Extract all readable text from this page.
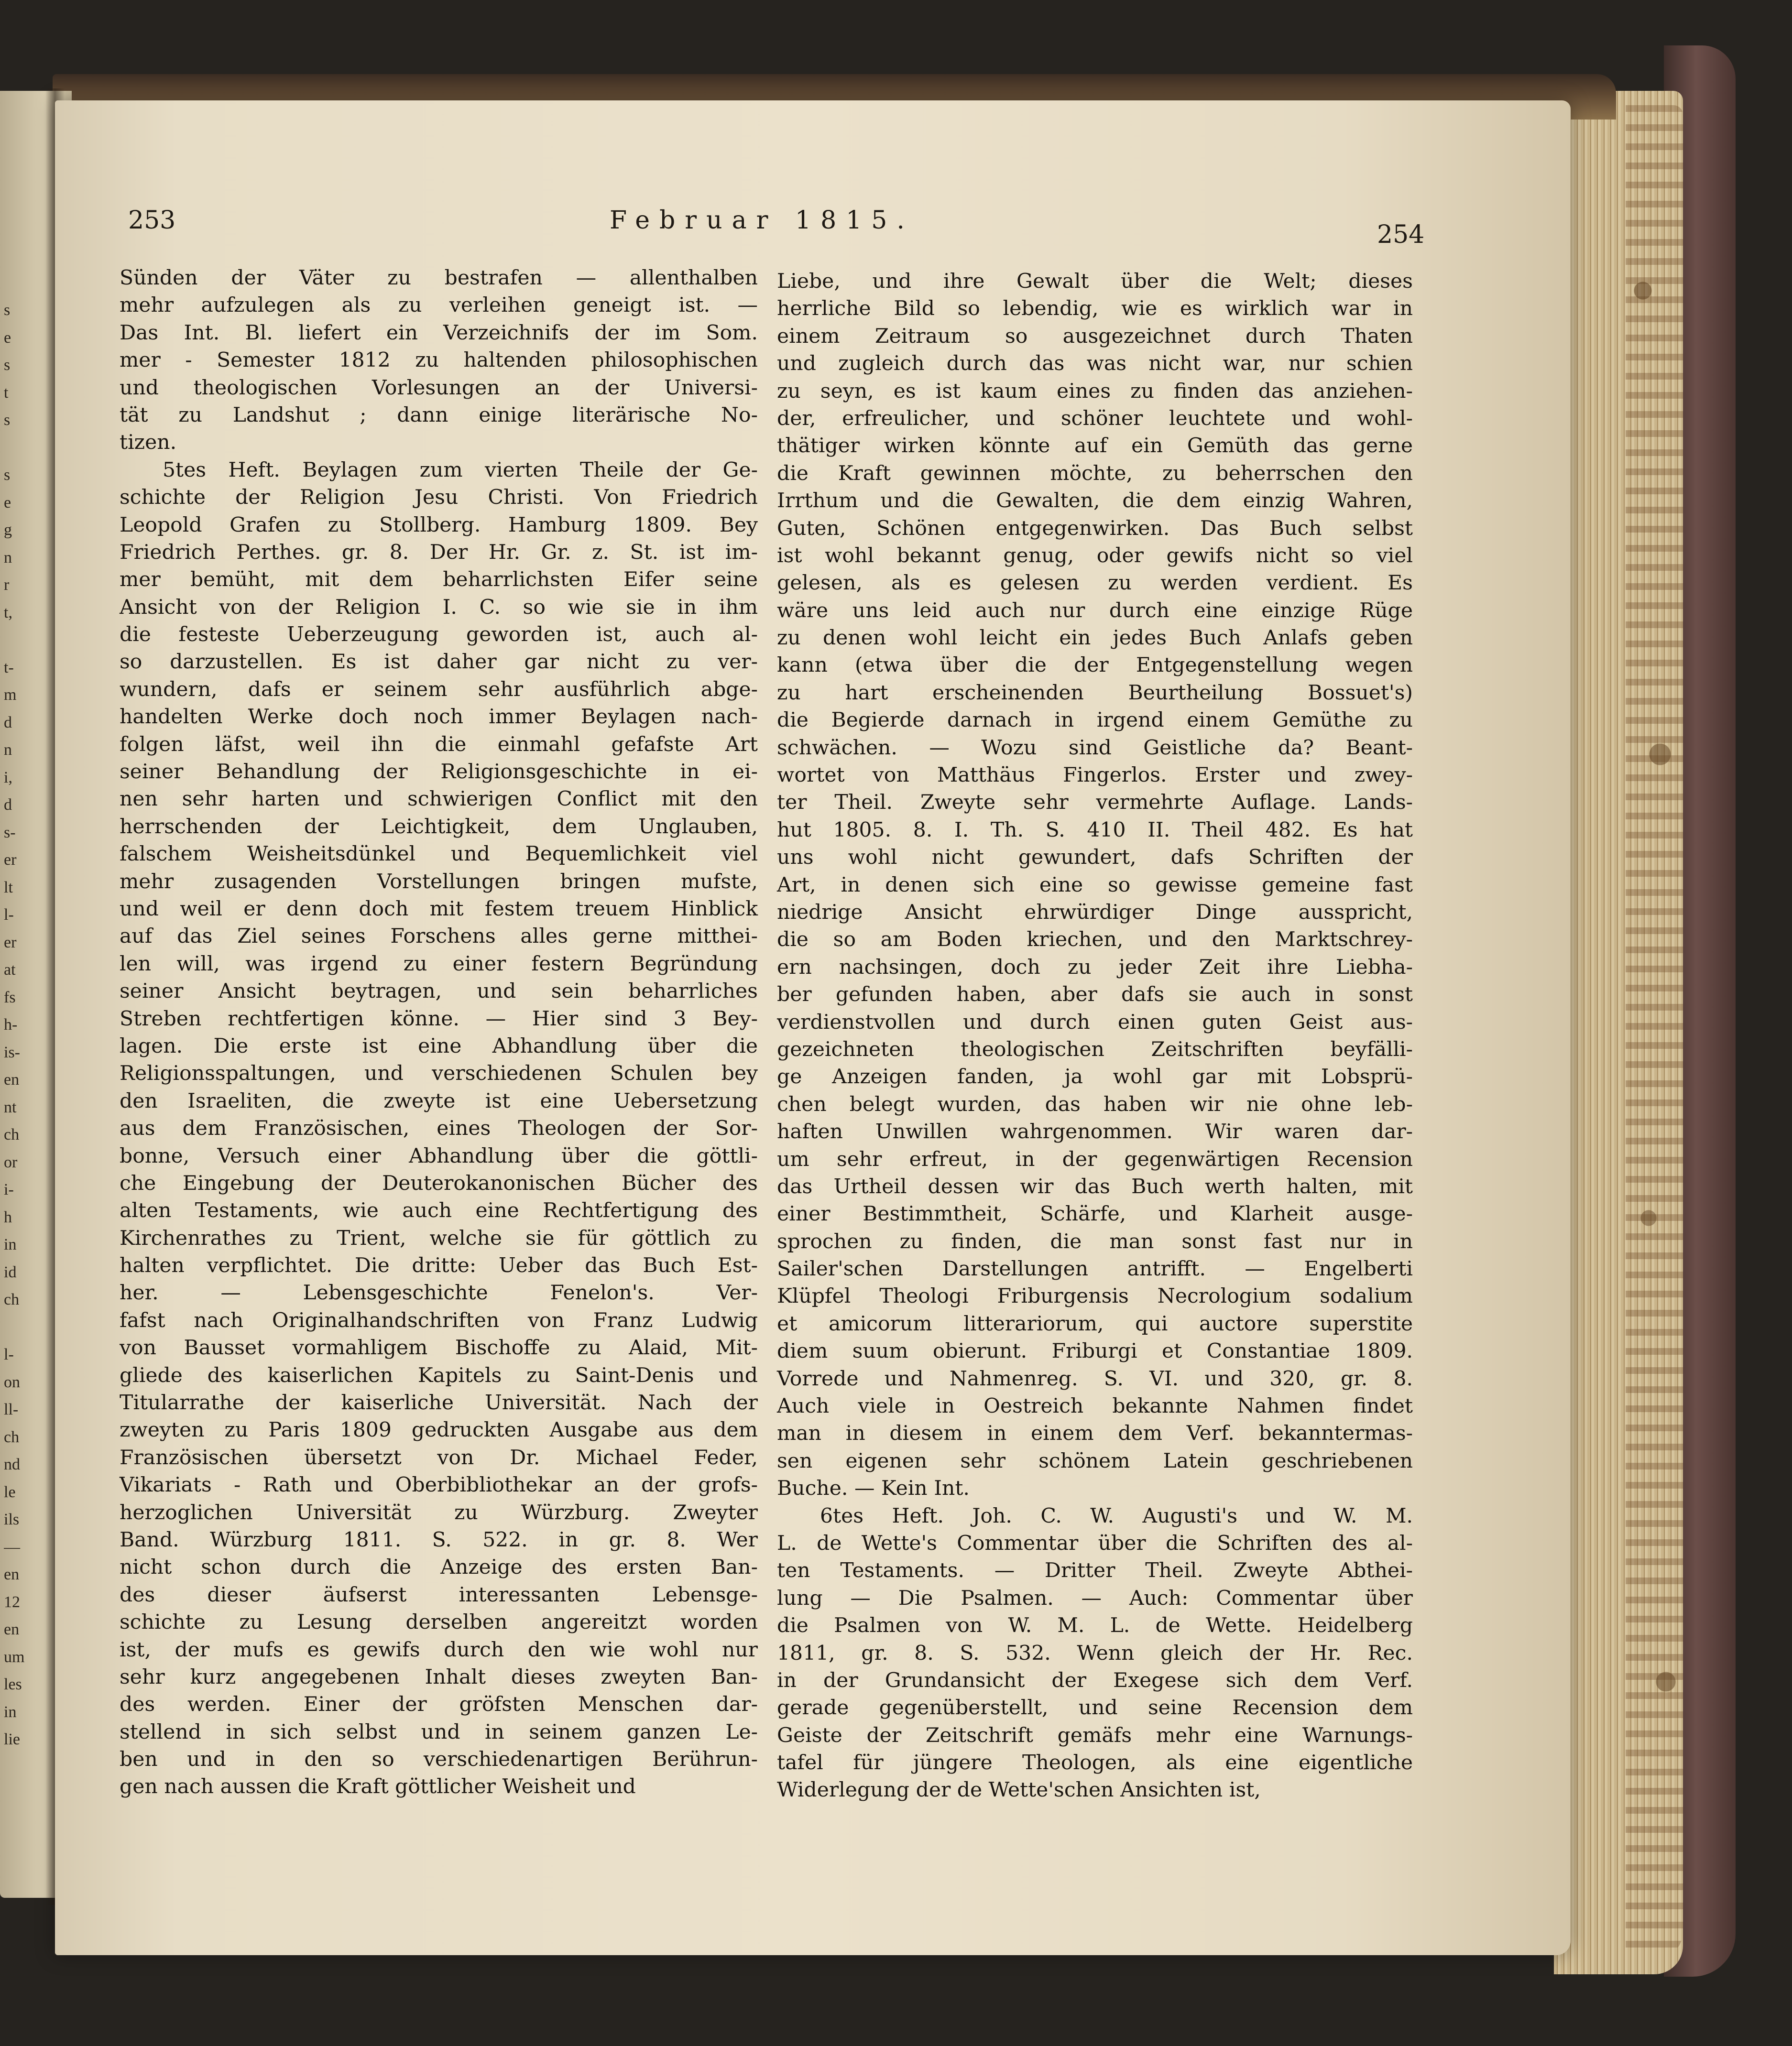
s
e
s
t
s
s
e
g
n
r
t,
t-
m
d
n
i,
d
s-
er
lt
l-
er
at
fs
h-
is-
en
nt
ch
or
i-
h
in
id
ch
l-
on
ll-
ch
nd
le
ils
—
en
12
en
um
les
in
lie
253	Februar 1815.	254
Sünden der Väter zu bestrafen — allenthalben
mehr aufzulegen als zu verleihen geneigt ist. —
Das Int. Bl. liefert ein Verzeichnifs der im Som.
mer - Semester 1812 zu haltenden philosophischen
und theologischen Vorlesungen an der Universi-
tät zu Landshut ; dann einige literärische No-
tizen.
5tes Heft. Beylagen zum vierten Theile der Ge-
schichte der Religion Jesu Christi. Von Friedrich
Leopold Grafen zu Stollberg. Hamburg 1809. Bey
Friedrich Perthes. gr. 8. Der Hr. Gr. z. St. ist im-
mer bemüht, mit dem beharrlichsten Eifer seine
Ansicht von der Religion I. C. so wie sie in ihm
die festeste Ueberzeugung geworden ist, auch al-
so darzustellen. Es ist daher gar nicht zu ver-
wundern, dafs er seinem sehr ausführlich abge-
handelten Werke doch noch immer Beylagen nach-
folgen läfst, weil ihn die einmahl gefafste Art
seiner Behandlung der Religionsgeschichte in ei-
nen sehr harten und schwierigen Conflict mit den
herrschenden der Leichtigkeit, dem Unglauben,
falschem Weisheitsdünkel und Bequemlichkeit viel
mehr zusagenden Vorstellungen bringen mufste,
und weil er denn doch mit festem treuem Hinblick
auf das Ziel seines Forschens alles gerne mitthei-
len will, was irgend zu einer festern Begründung
seiner Ansicht beytragen, und sein beharrliches
Streben rechtfertigen könne. — Hier sind 3 Bey-
lagen. Die erste ist eine Abhandlung über die
Religionsspaltungen, und verschiedenen Schulen bey
den Israeliten, die zweyte ist eine Uebersetzung
aus dem Französischen, eines Theologen der Sor-
bonne, Versuch einer Abhandlung über die göttli-
che Eingebung der Deuterokanonischen Bücher des
alten Testaments, wie auch eine Rechtfertigung des
Kirchenrathes zu Trient, welche sie für göttlich zu
halten verpflichtet. Die dritte: Ueber das Buch Est-
her. — Lebensgeschichte Fenelon's. Ver-
fafst nach Originalhandschriften von Franz Ludwig
von Bausset vormahligem Bischoffe zu Alaid, Mit-
gliede des kaiserlichen Kapitels zu Saint-Denis und
Titularrathe der kaiserliche Universität. Nach der
zweyten zu Paris 1809 gedruckten Ausgabe aus dem
Französischen übersetzt von Dr. Michael Feder,
Vikariats - Rath und Oberbibliothekar an der grofs-
herzoglichen Universität zu Würzburg. Zweyter
Band. Würzburg 1811. S. 522. in gr. 8. Wer
nicht schon durch die Anzeige des ersten Ban-
des dieser äufserst interessanten Lebensge-
schichte zu Lesung derselben angereitzt worden
ist, der mufs es gewifs durch den wie wohl nur
sehr kurz angegebenen Inhalt dieses zweyten Ban-
des werden. Einer der gröfsten Menschen dar-
stellend in sich selbst und in seinem ganzen Le-
ben und in den so verschiedenartigen Berührun-
gen nach aussen die Kraft göttlicher Weisheit und
Liebe, und ihre Gewalt über die Welt; dieses
herrliche Bild so lebendig, wie es wirklich war in
einem Zeitraum so ausgezeichnet durch Thaten
und zugleich durch das was nicht war, nur schien
zu seyn, es ist kaum eines zu finden das anziehen-
der, erfreulicher, und schöner leuchtete und wohl-
thätiger wirken könnte auf ein Gemüth das gerne
die Kraft gewinnen möchte, zu beherrschen den
Irrthum und die Gewalten, die dem einzig Wahren,
Guten, Schönen entgegenwirken. Das Buch selbst
ist wohl bekannt genug, oder gewifs nicht so viel
gelesen, als es gelesen zu werden verdient. Es
wäre uns leid auch nur durch eine einzige Rüge
zu denen wohl leicht ein jedes Buch Anlafs geben
kann (etwa über die der Entgegenstellung wegen
zu hart erscheinenden Beurtheilung Bossuet's)
die Begierde darnach in irgend einem Gemüthe zu
schwächen. — Wozu sind Geistliche da? Beant-
wortet von Matthäus Fingerlos. Erster und zwey-
ter Theil. Zweyte sehr vermehrte Auflage. Lands-
hut 1805. 8. I. Th. S. 410 II. Theil 482. Es hat
uns wohl nicht gewundert, dafs Schriften der
Art, in denen sich eine so gewisse gemeine fast
niedrige Ansicht ehrwürdiger Dinge ausspricht,
die so am Boden kriechen, und den Marktschrey-
ern nachsingen, doch zu jeder Zeit ihre Liebha-
ber gefunden haben, aber dafs sie auch in sonst
verdienstvollen und durch einen guten Geist aus-
gezeichneten theologischen Zeitschriften beyfälli-
ge Anzeigen fanden, ja wohl gar mit Lobsprü-
chen belegt wurden, das haben wir nie ohne leb-
haften Unwillen wahrgenommen. Wir waren dar-
um sehr erfreut, in der gegenwärtigen Recension
das Urtheil dessen wir das Buch werth halten, mit
einer Bestimmtheit, Schärfe, und Klarheit ausge-
sprochen zu finden, die man sonst fast nur in
Sailer'schen Darstellungen antrifft. — Engelberti
Klüpfel Theologi Friburgensis Necrologium sodalium
et amicorum litterariorum, qui auctore superstite
diem suum obierunt. Friburgi et Constantiae 1809.
Vorrede und Nahmenreg. S. VI. und 320, gr. 8.
Auch viele in Oestreich bekannte Nahmen findet
man in diesem in einem dem Verf. bekanntermas-
sen eigenen sehr schönem Latein geschriebenen
Buche. — Kein Int.
6tes Heft. Joh. C. W. Augusti's und W. M.
L. de Wette's Commentar über die Schriften des al-
ten Testaments. — Dritter Theil. Zweyte Abthei-
lung — Die Psalmen. — Auch: Commentar über
die Psalmen von W. M. L. de Wette. Heidelberg
1811, gr. 8. S. 532. Wenn gleich der Hr. Rec.
in der Grundansicht der Exegese sich dem Verf.
gerade gegenüberstellt, und seine Recension dem
Geiste der Zeitschrift gemäfs mehr eine Warnungs-
tafel für jüngere Theologen, als eine eigentliche
Widerlegung der de Wette'schen Ansichten ist,
